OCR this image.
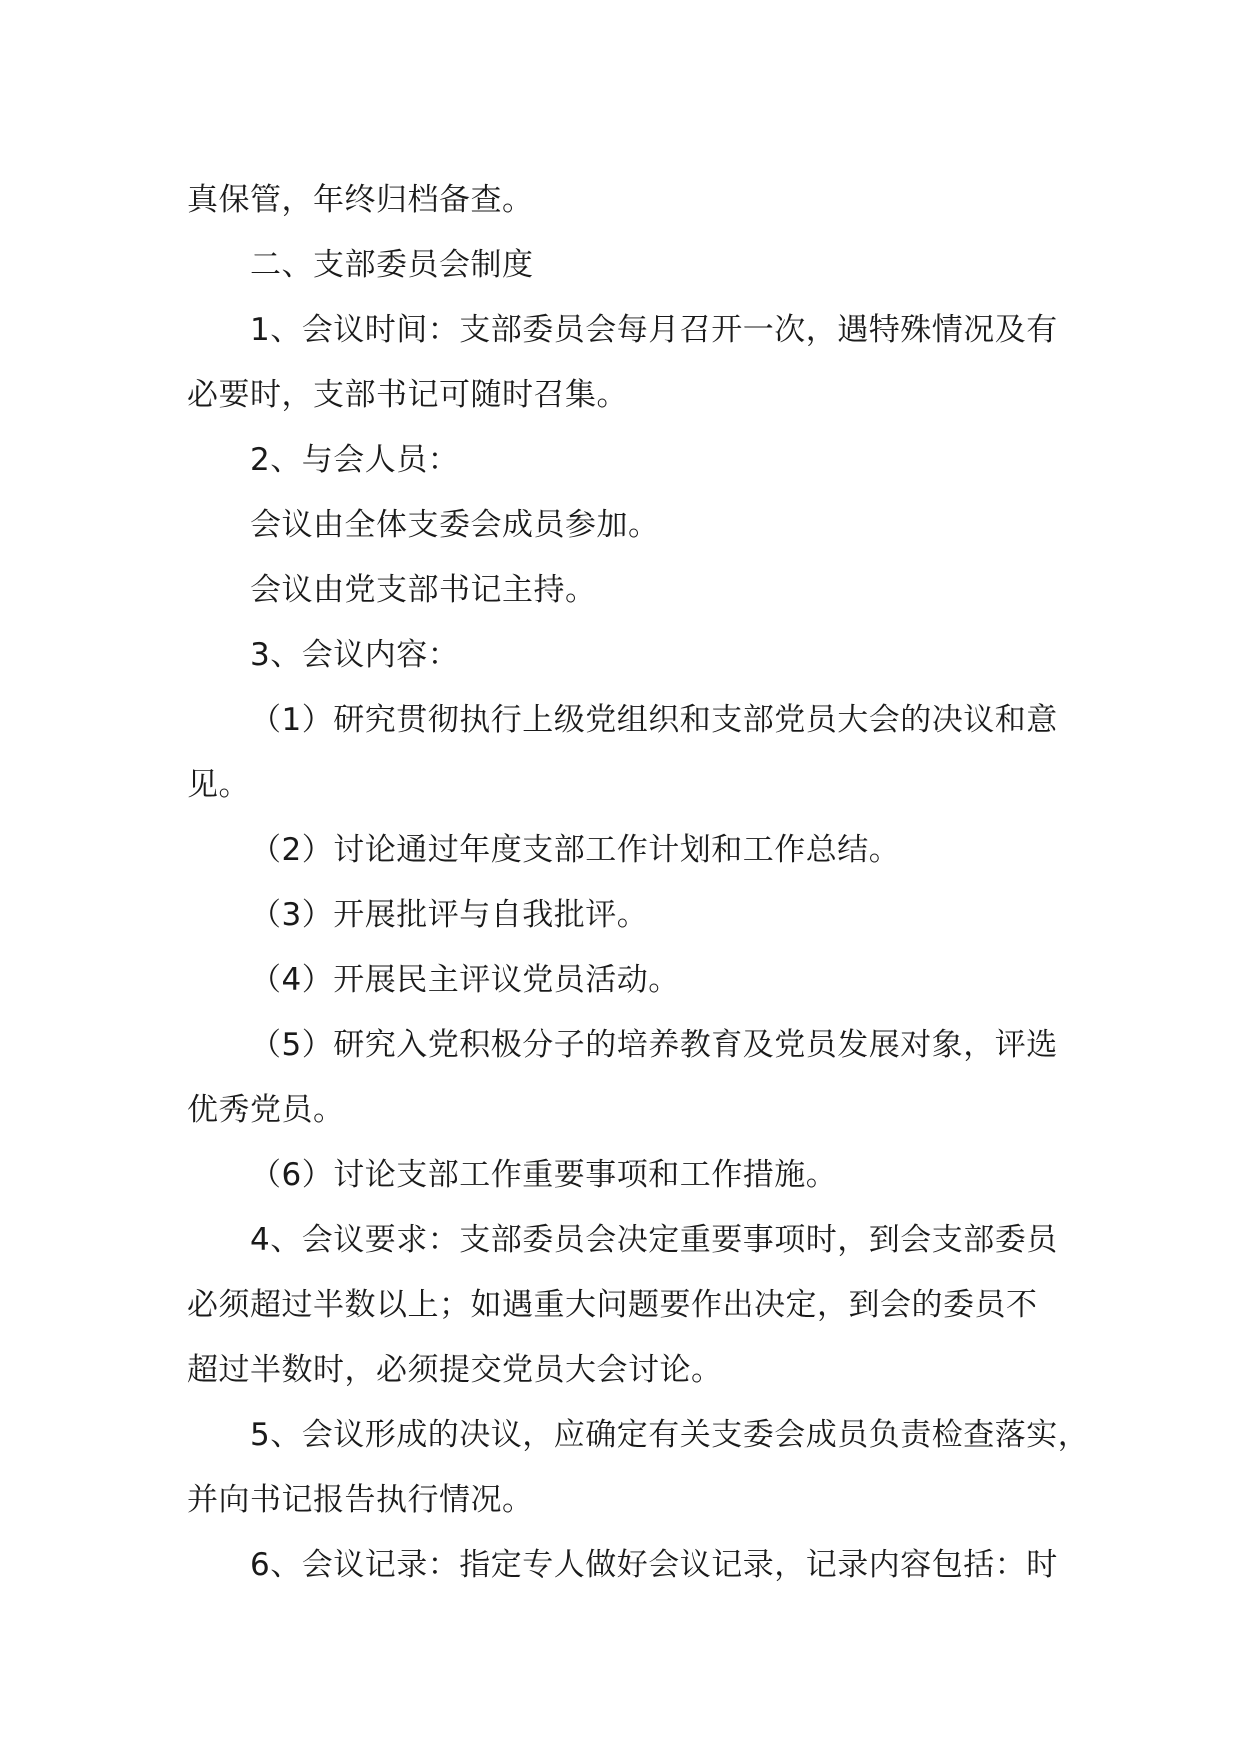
真保管，年终归档备查。
二、支部委员会制度
1、会议时间：支部委员会每月召开一次，遇特殊情况及有
必要时，支部书记可随时召集。
2、与会人员：
会议由全体支委会成员参加。
会议由党支部书记主持。
3、会议内容：
（1）研究贯彻执行上级党组织和支部党员大会的决议和意
见。
（2）讨论通过年度支部工作计划和工作总结。
（3）开展批评与自我批评。
（4）开展民主评议党员活动。
（5）研究入党积极分子的培养教育及党员发展对象，评选
优秀党员。
（6）讨论支部工作重要事项和工作措施。
4、会议要求：支部委员会决定重要事项时，到会支部委员
必须超过半数以上；如遇重大问题要作出决定，到会的委员不
超过半数时，必须提交党员大会讨论。
5、会议形成的决议，应确定有关支委会成员负责检查落实，
并向书记报告执行情况。
6、会议记录：指定专人做好会议记录，记录内容包括：时
